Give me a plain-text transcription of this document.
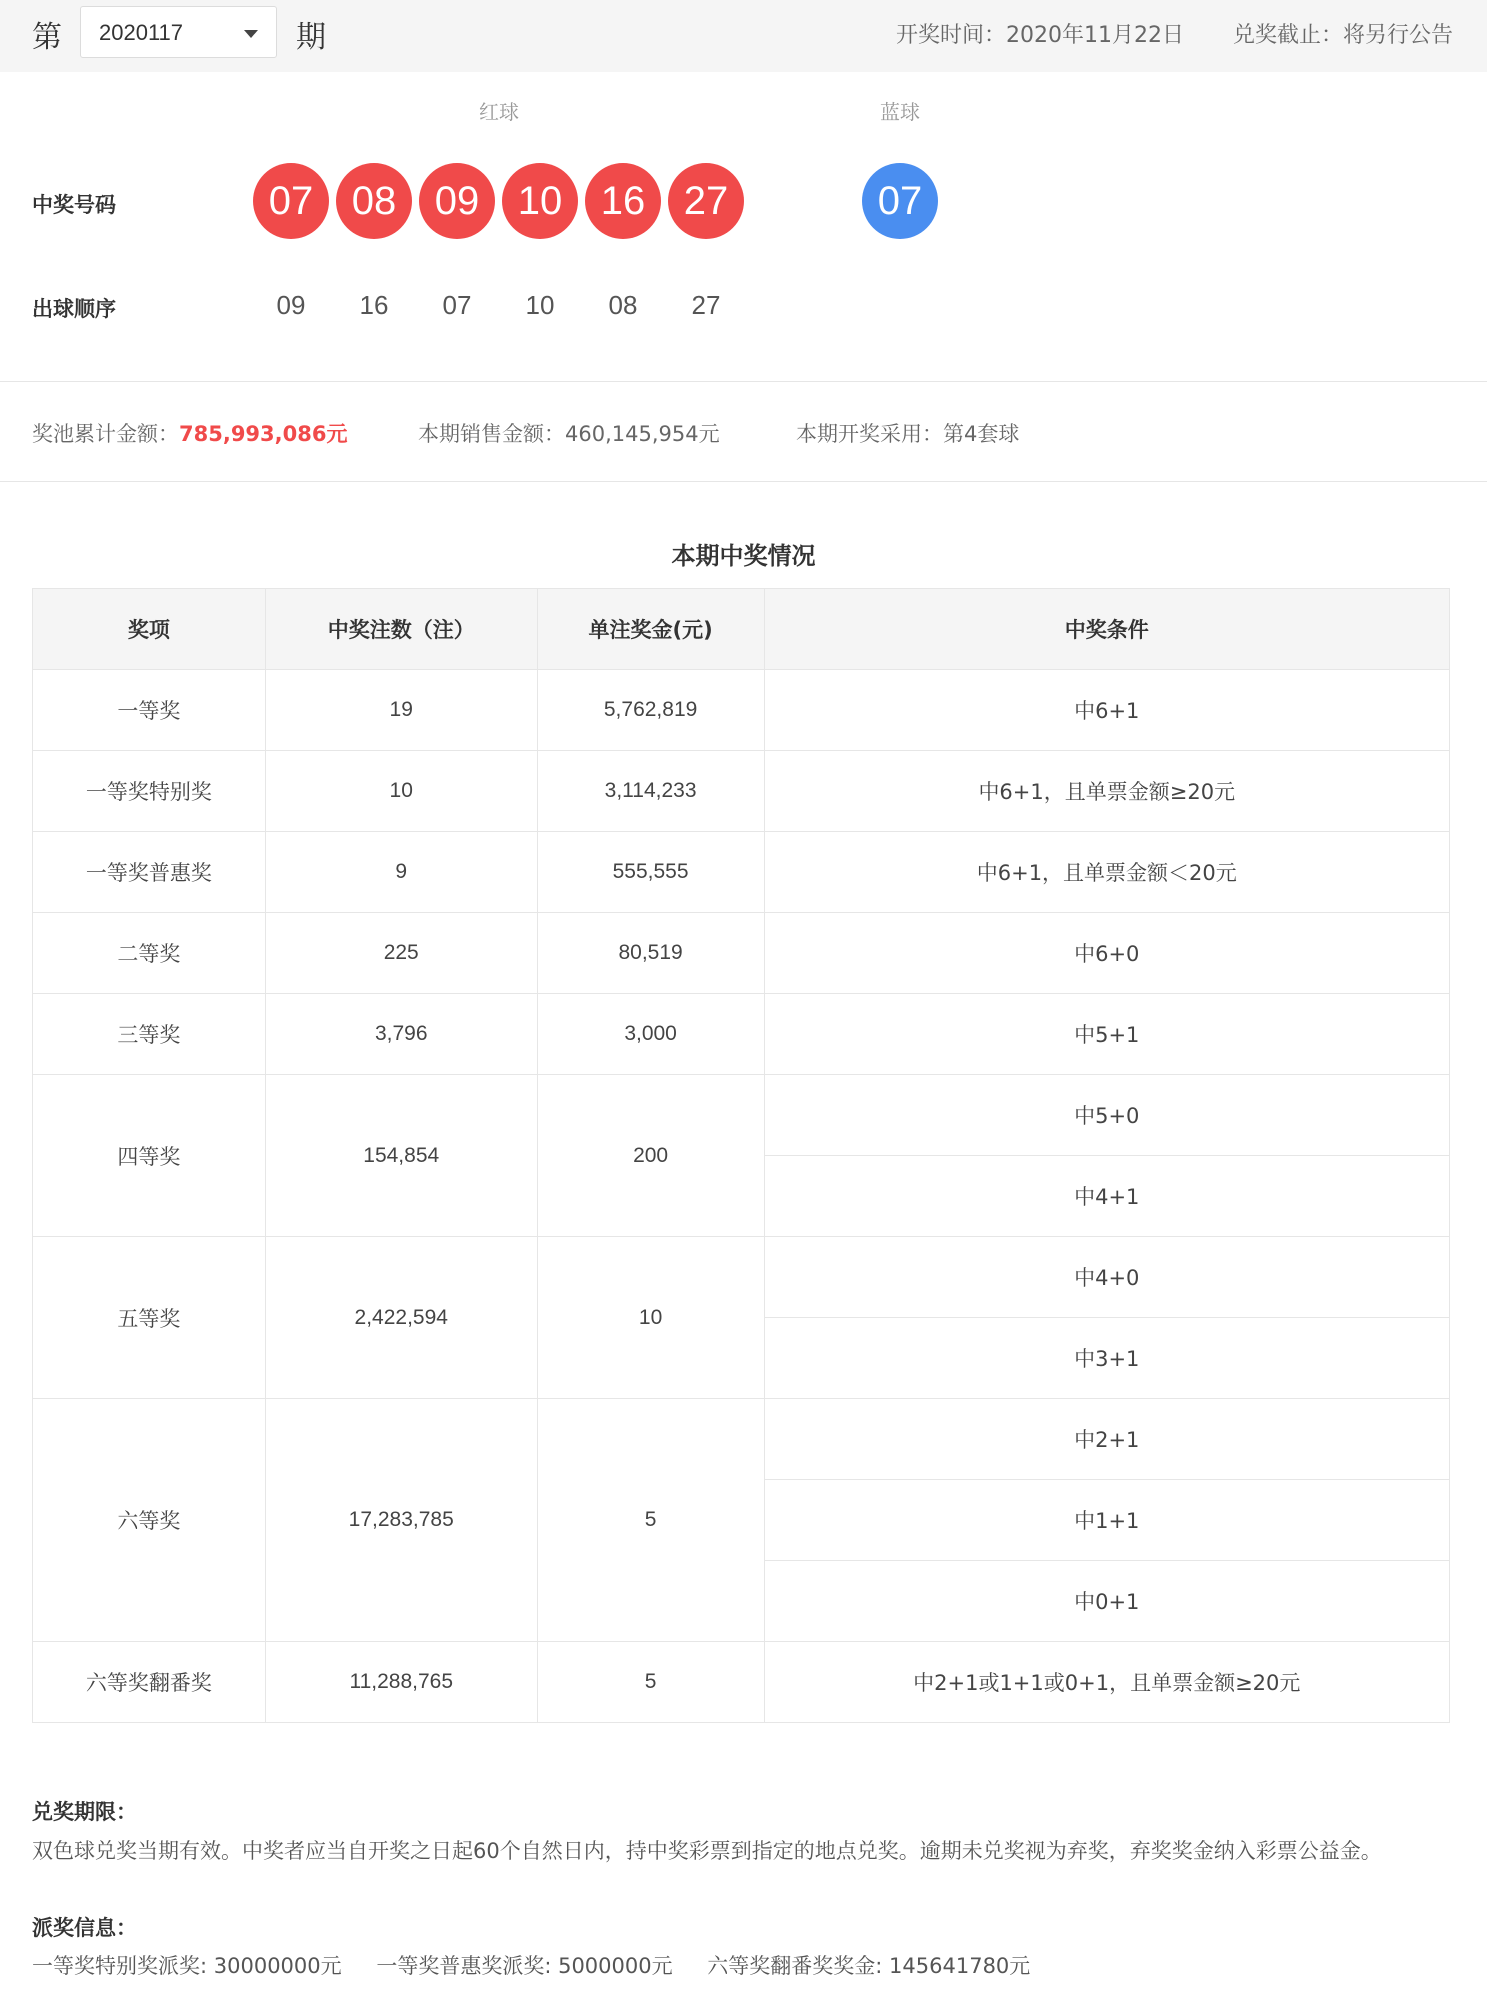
第 2020117	期	开奖时间：2020年11月22日 兑奖截止：将另行公告
红球	蓝球
中奖号码	07 08 09 10 16 27	07
出球顺序	09	16	07	10	08	27
奖池累计金额：785,993,086元	本期销售金额：460,145,954元	本期开奖采用：第4套球
本期中奖情况
奖项	中奖注数（注）	单注奖金(元)	中奖条件
一等奖	19	5,762,819	中6+1
一等奖特别奖	10	3,114,233	中6+1，且单票金额≥20元
一等奖普惠奖	9	555,555	中6+1，且单票金额＜20元
二等奖	225	80,519	中6+0
三等奖	3,796	3,000	中5+1
四等奖	154,854	200	中5+0
			中4+1
五等奖	2,422,594	10	中4+0
			中3+1
六等奖	17,283,785	5	中2+1
			中1+1
			中0+1
六等奖翻番奖	11,288,765	5	中2+1或1+1或0+1，且单票金额≥20元
兑奖期限：
双色球兑奖当期有效。中奖者应当自开奖之日起60个自然日内，持中奖彩票到指定的地点兑奖。逾期未兑奖视为弃奖，弃奖奖金纳入彩票公益金。
派奖信息：
一等奖特别奖派奖: 30000000元 一等奖普惠奖派奖: 5000000元 六等奖翻番奖奖金: 145641780元
